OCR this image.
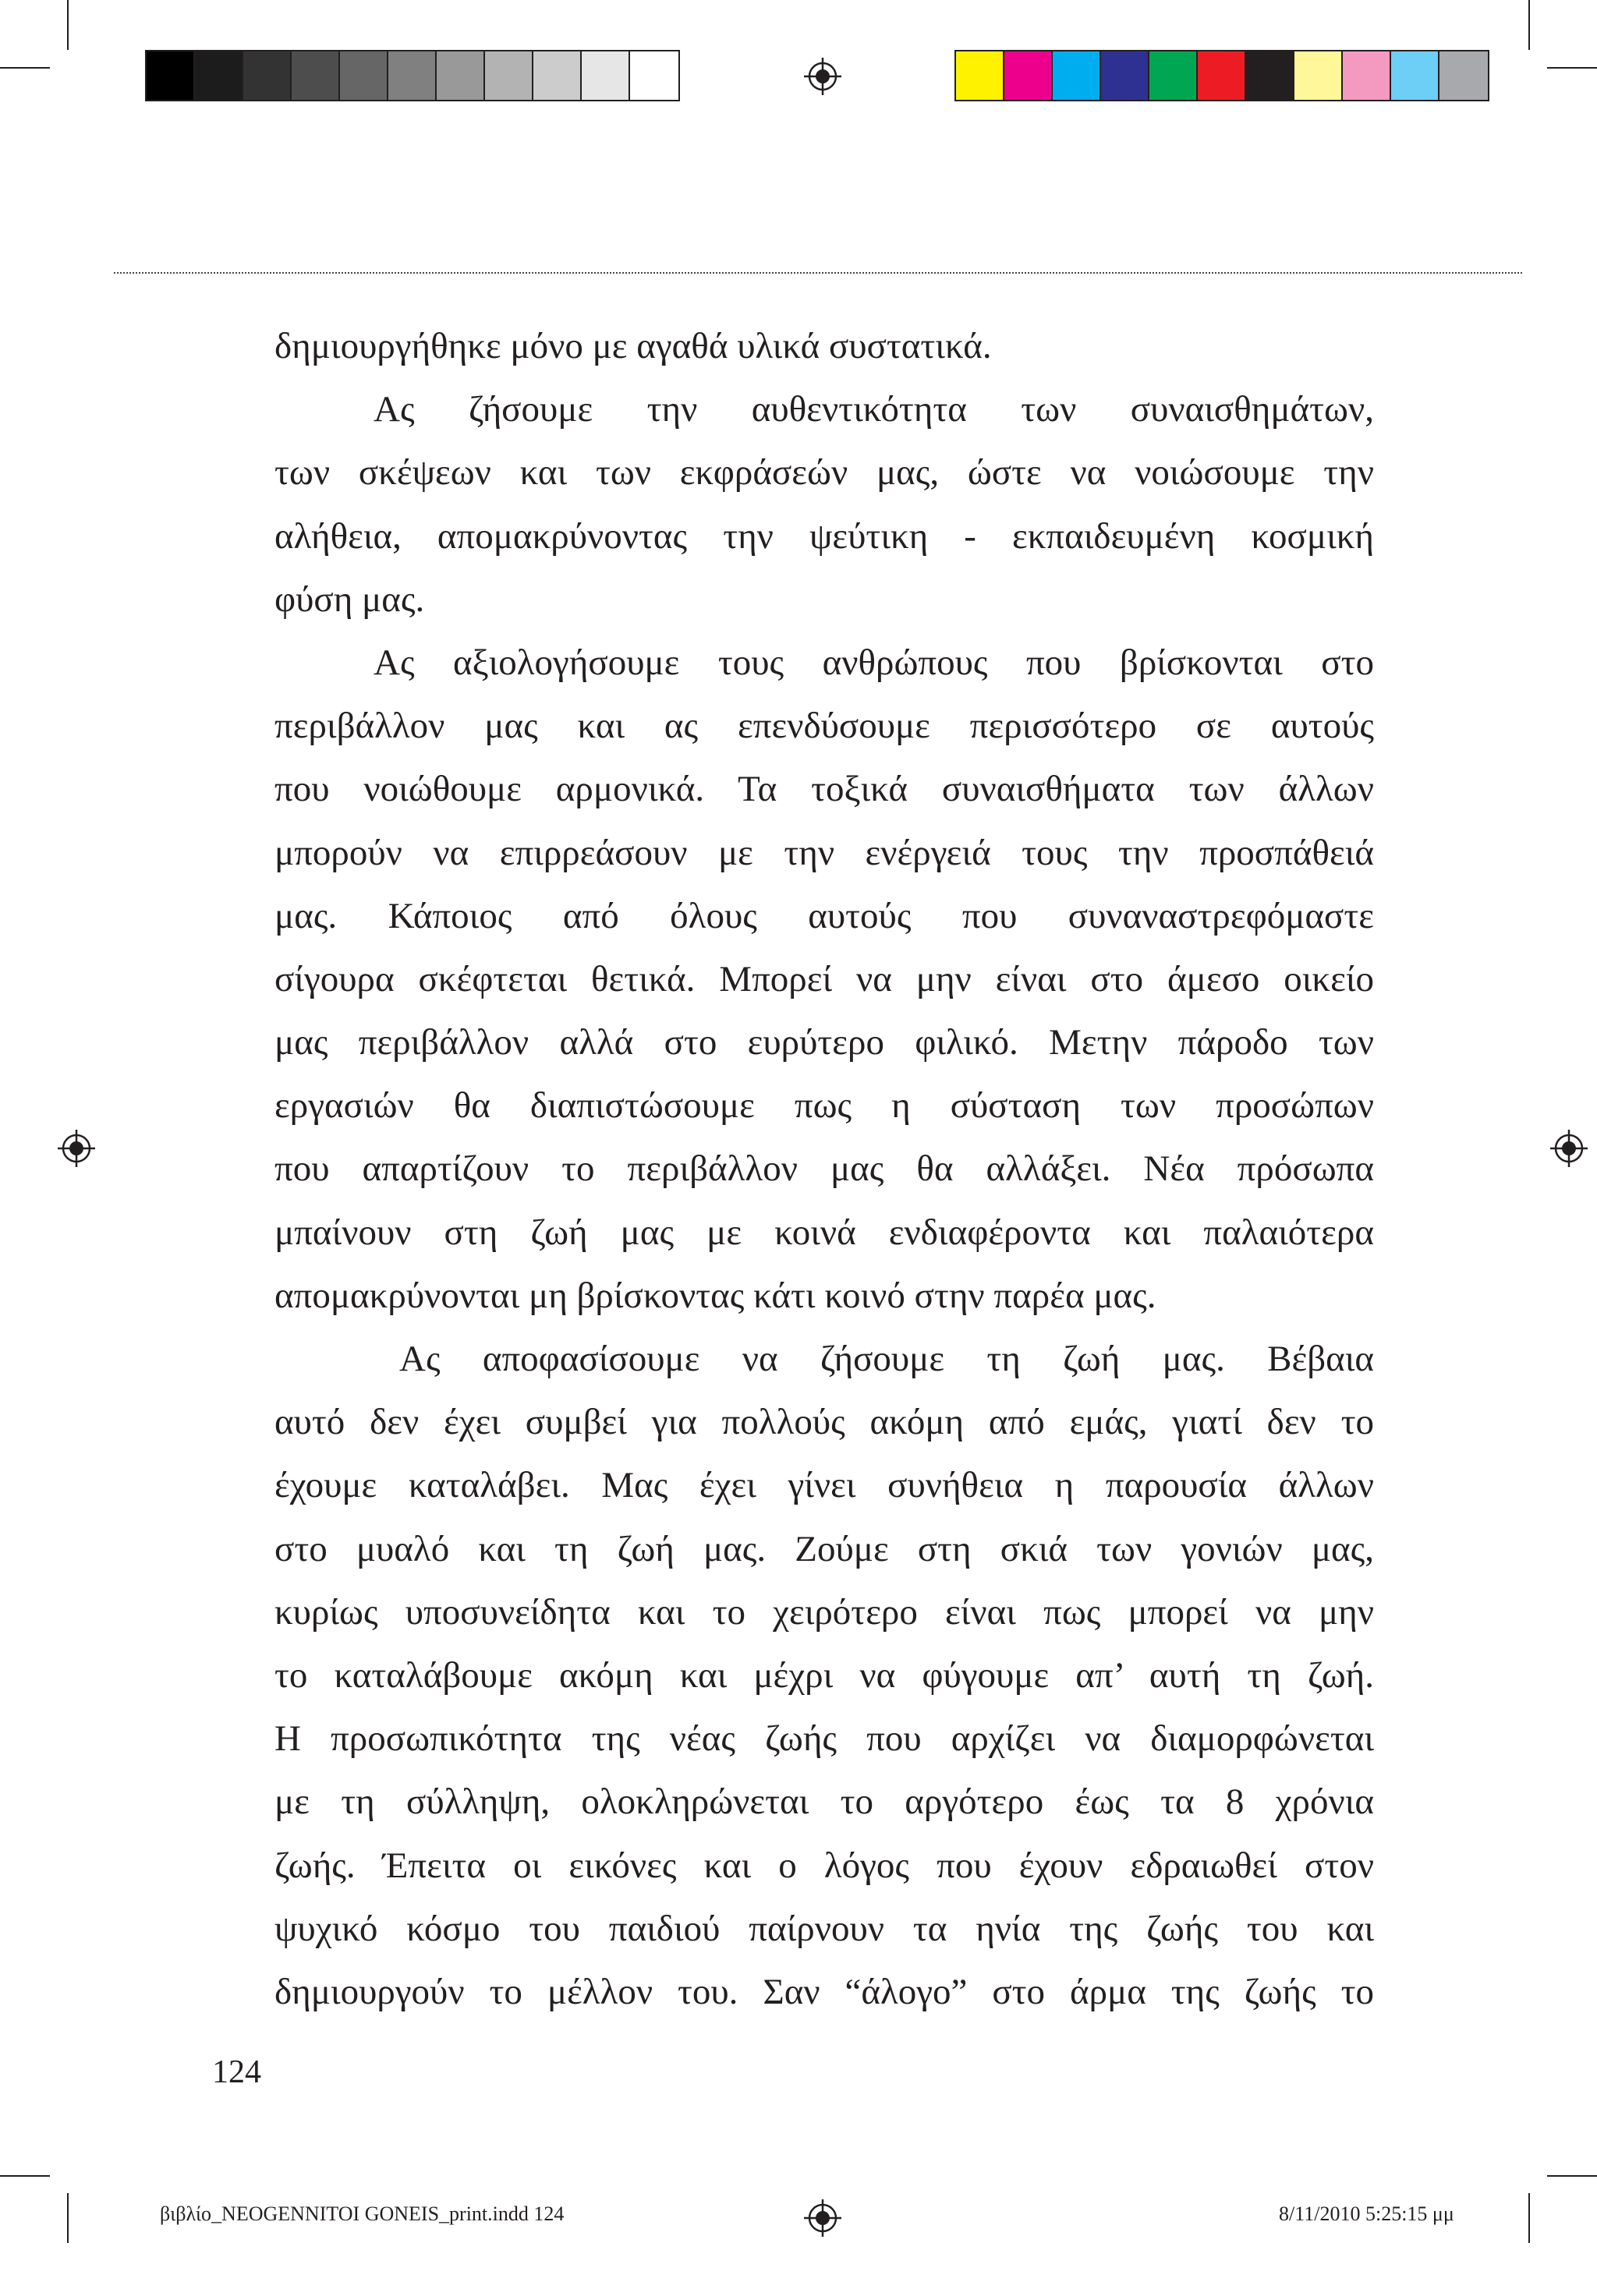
δημιουργήθηκε μόνο με αγαθά υλικά συστατικά.
Ας ζήσουμε την αυθεντικότητα των συναισθημάτων,
των σκέψεων και των εκφράσεών μας, ώστε να νοιώσουμε την
αλήθεια, απομακρύνοντας την ψεύτικη - εκπαιδευμένη κοσμική
φύση μας.
Ας αξιολογήσουμε τους ανθρώπους που βρίσκονται στο
περιβάλλον μας και ας επενδύσουμε περισσότερο σε αυτούς
που νοιώθουμε αρμονικά. Τα τοξικά συναισθήματα των άλλων
μπορούν να επιρρεάσουν με την ενέργειά τους την προσπάθειά
μας. Κάποιος από όλους αυτούς που συναναστρεφόμαστε
σίγουρα σκέφτεται θετικά. Μπορεί να μην είναι στο άμεσο οικείο
μας περιβάλλον αλλά στο ευρύτερο φιλικό. Μετην πάροδο των
εργασιών θα διαπιστώσουμε πως η σύσταση των προσώπων
που απαρτίζουν το περιβάλλον μας θα αλλάξει. Νέα πρόσωπα
μπαίνουν στη ζωή μας με κοινά ενδιαφέροντα και παλαιότερα
απομακρύνονται μη βρίσκοντας κάτι κοινό στην παρέα μας.
Ας αποφασίσουμε να ζήσουμε τη ζωή μας. Βέβαια
αυτό δεν έχει συμβεί για πολλούς ακόμη από εμάς, γιατί δεν το
έχουμε καταλάβει. Μας έχει γίνει συνήθεια η παρουσία άλλων
στο μυαλό και τη ζωή μας. Ζούμε στη σκιά των γονιών μας,
κυρίως υποσυνείδητα και το χειρότερο είναι πως μπορεί να μην
το καταλάβουμε ακόμη και μέχρι να φύγουμε απ’ αυτή τη ζωή.
Η προσωπικότητα της νέας ζωής που αρχίζει να διαμορφώνεται
με τη σύλληψη, ολοκληρώνεται το αργότερο έως τα 8 χρόνια
ζωής. Έπειτα οι εικόνες και ο λόγος που έχουν εδραιωθεί στον
ψυχικό κόσμο του παιδιού παίρνουν τα ηνία της ζωής του και
δημιουργούν το μέλλον του. Σαν “άλογο” στο άρμα της ζωής το
124
βιβλίο_NEOGENNITOI GONEIS_print.indd 124	8/11/2010 5:25:15 μμ
